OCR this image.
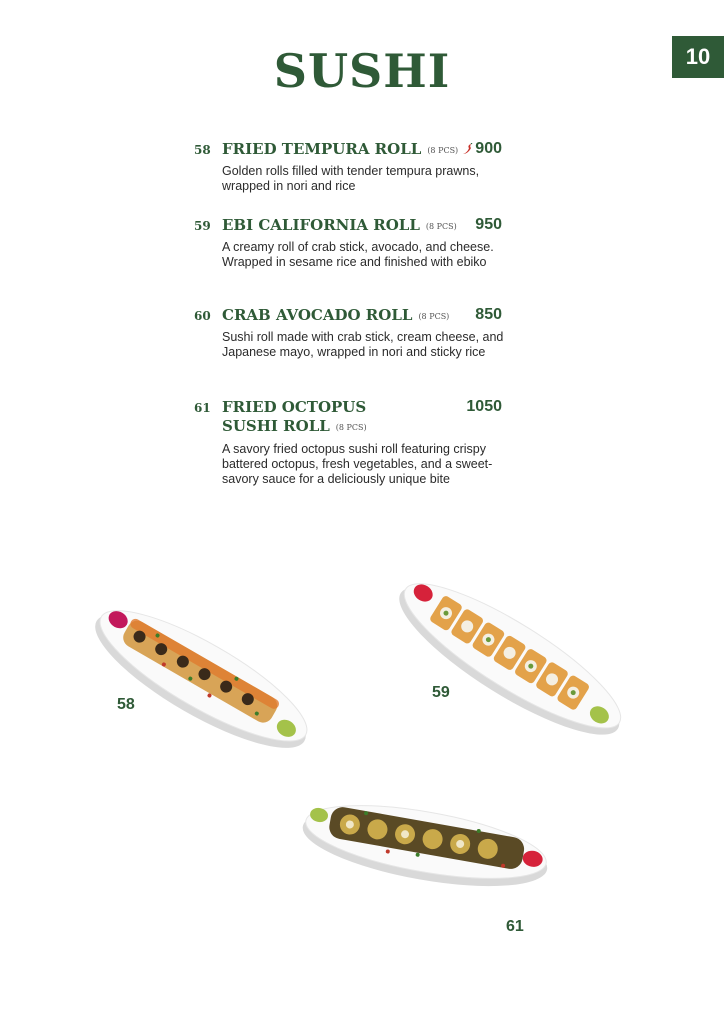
SUSHI	10
58 FRIED TEMPURA ROLL (8 PCS)	900

Golden rolls filled with tender tempura prawns, wrapped in nori and rice

59 EBI CALIFORNIA ROLL (8 PCS) 950

A creamy roll of crab stick, avocado, and cheese. Wrapped in sesame rice and finished with ebiko

60 CRAB AVOCADO ROLL (8 PCS) 850

Sushi roll made with crab stick, cream cheese, and Japanese mayo, wrapped in nori and sticky rice

61 FRIED OCTOPUS
SUSHI ROLL (8 PCS)
1050

A savory fried octopus sushi roll featuring crispy battered octopus, fresh vegetables, and a sweet-savory sauce for a deliciously unique bite

58
59
61
